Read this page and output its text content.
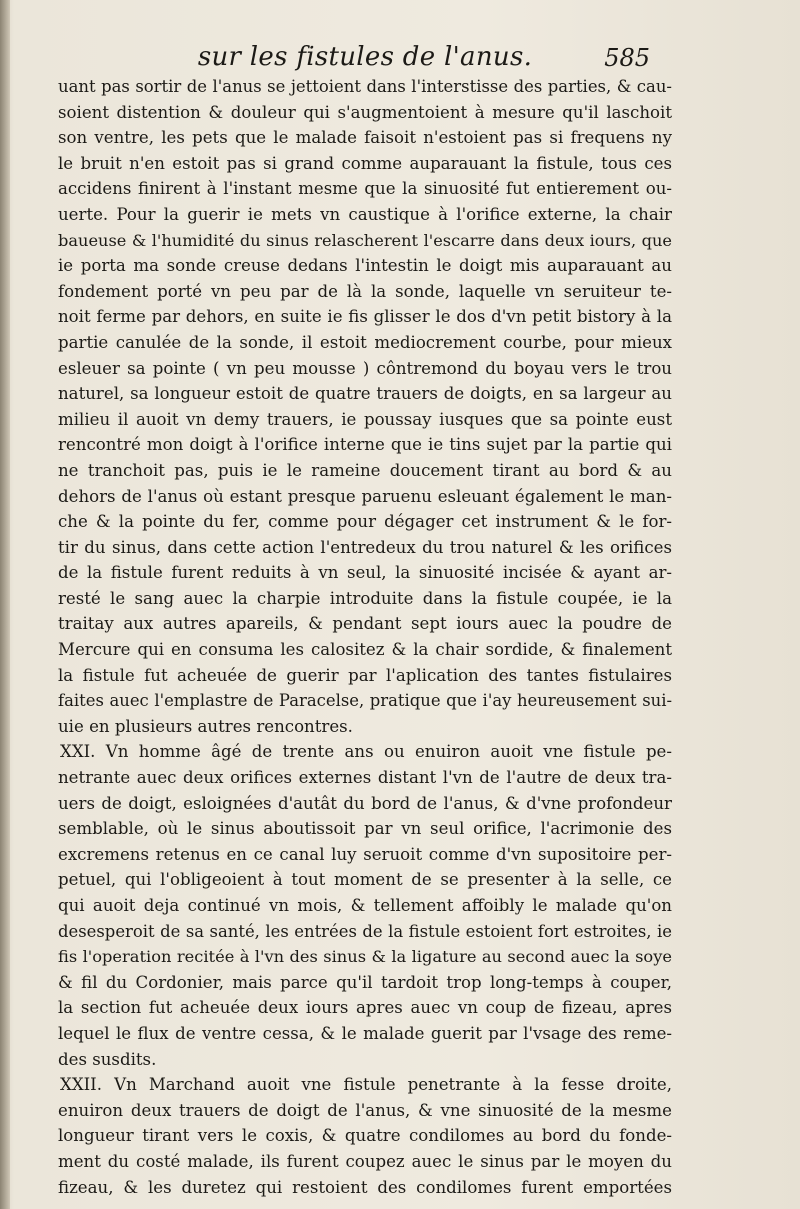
sur les fistules de l'anus.	585
uant pas sortir de l'anus se jettoient dans l'interstisse des parties, & cau-
soient distention & douleur qui s'augmentoient à mesure qu'il laschoit
son ventre, les pets que le malade faisoit n'estoient pas si frequens ny
le bruit n'en estoit pas si grand comme auparauant la fistule, tous ces
accidens finirent à l'instant mesme que la sinuosité fut entierement ou-
uerte. Pour la guerir ie mets vn caustique à l'orifice externe, la chair
baueuse & l'humidité du sinus relascherent l'escarre dans deux iours, que
ie porta ma sonde creuse dedans l'intestin le doigt mis auparauant au
fondement porté vn peu par de là la sonde, laquelle vn seruiteur te-
noit ferme par dehors, en suite ie fis glisser le dos d'vn petit bistory à la
partie canulée de la sonde, il estoit mediocrement courbe, pour mieux
esleuer sa pointe ( vn peu mousse ) côntremond du boyau vers le trou
naturel, sa longueur estoit de quatre trauers de doigts, en sa largeur au
milieu il auoit vn demy trauers, ie poussay iusques que sa pointe eust
rencontré mon doigt à l'orifice interne que ie tins sujet par la partie qui
ne tranchoit pas, puis ie le rameine doucement tirant au bord & au
dehors de l'anus où estant presque paruenu esleuant également le man-
che & la pointe du fer, comme pour dégager cet instrument & le for-
tir du sinus, dans cette action l'entredeux du trou naturel & les orifices
de la fistule furent reduits à vn seul, la sinuosité incisée & ayant ar-
resté le sang auec la charpie introduite dans la fistule coupée, ie la
traitay aux autres apareils, & pendant sept iours auec la poudre de
Mercure qui en consuma les calositez & la chair sordide, & finalement
la fistule fut acheuée de guerir par l'aplication des tantes fistulaires
faites auec l'emplastre de Paracelse, pratique que i'ay heureusement sui-
uie en plusieurs autres rencontres.
XXI. Vn homme âgé de trente ans ou enuiron auoit vne fistule pe-
netrante auec deux orifices externes distant l'vn de l'autre de deux tra-
uers de doigt, esloignées d'autât du bord de l'anus, & d'vne profondeur
semblable, où le sinus aboutissoit par vn seul orifice, l'acrimonie des
excremens retenus en ce canal luy seruoit comme d'vn supositoire per-
petuel, qui l'obligeoient à tout moment de se presenter à la selle, ce
qui auoit deja continué vn mois, & tellement affoibly le malade qu'on
desesperoit de sa santé, les entrées de la fistule estoient fort estroites, ie
fis l'operation recitée à l'vn des sinus & la ligature au second auec la soye
& fil du Cordonier, mais parce qu'il tardoit trop long-temps à couper,
la section fut acheuée deux iours apres auec vn coup de fizeau, apres
lequel le flux de ventre cessa, & le malade guerit par l'vsage des reme-
des susdits.
XXII. Vn Marchand auoit vne fistule penetrante à la fesse droite,
enuiron deux trauers de doigt de l'anus, & vne sinuosité de la mesme
longueur tirant vers le coxis, & quatre condilomes au bord du fonde-
ment du costé malade, ils furent coupez auec le sinus par le moyen du
fizeau, & les duretez qui restoient des condilomes furent emportées
